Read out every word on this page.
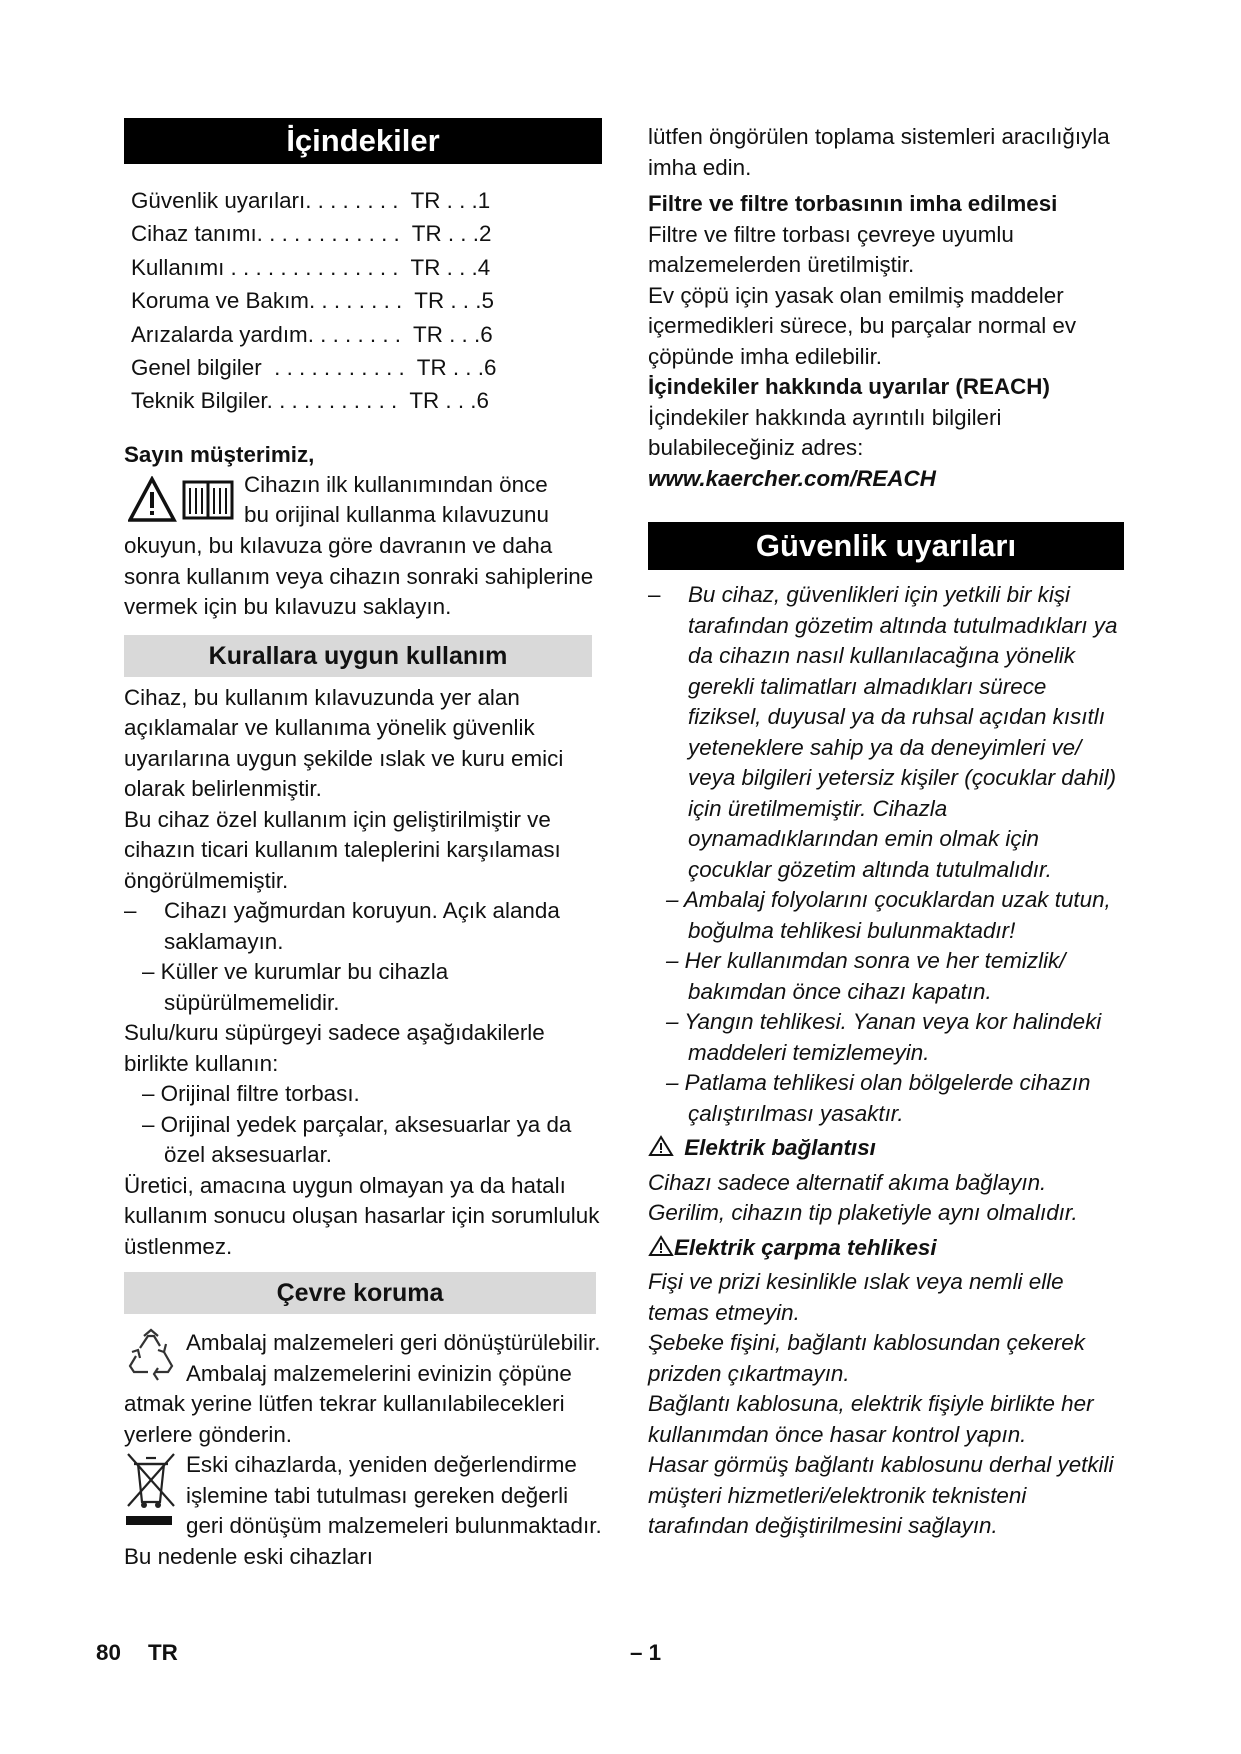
İçindekiler
Güvenlik uyarıları. . . . . . . .  TR . . .1
Cihaz tanımı. . . . . . . . . . . .  TR . . .2
Kullanımı . . . . . . . . . . . . . .  TR . . .4
Koruma ve Bakım. . . . . . . .  TR . . .5
Arızalarda yardım. . . . . . . .  TR . . .6
Genel bilgiler  . . . . . . . . . . .  TR . . .6
Teknik Bilgiler. . . . . . . . . . .  TR . . .6
Sayın müşterimiz,
Cihazın ilk kullanımından önce
bu orijinal kullanma kılavuzunu
okuyun, bu kılavuza göre davranın ve daha sonra kullanım veya cihazın sonraki sahiplerine vermek için bu kılavuzu saklayın.
Kurallara uygun kullanım
Cihaz, bu kullanım kılavuzunda yer alan açıklamalar ve kullanıma yönelik güvenlik uyarılarına uygun şekilde ıslak ve kuru emici olarak belirlenmiştir.
Bu cihaz özel kullanım için geliştirilmiştir ve cihazın ticari kullanım taleplerini karşılaması öngörülmemiştir.
– Cihazı yağmurdan koruyun. Açık alanda saklamayın.
– Küller ve kurumlar bu cihazla süpürülmemelidir.
Sulu/kuru süpürgeyi sadece aşağıdakilerle birlikte kullanın:
– Orijinal filtre torbası.
– Orijinal yedek parçalar, aksesuarlar ya da özel aksesuarlar.
Üretici, amacına uygun olmayan ya da hatalı kullanım sonucu oluşan hasarlar için sorumluluk üstlenmez.
Çevre koruma
Ambalaj malzemeleri geri dönüştürülebilir. Ambalaj malzemelerini evinizin çöpüne atmak yerine lütfen tekrar kullanılabilecekleri yerlere gönderin.
Eski cihazlarda, yeniden değerlendirme işlemine tabi tutulması gereken değerli geri dönüşüm malzemeleri bulunmaktadır. Bu nedenle eski cihazları
lütfen öngörülen toplama sistemleri aracılığıyla imha edin.
Filtre ve filtre torbasının imha edilmesi
Filtre ve filtre torbası çevreye uyumlu malzemelerden üretilmiştir.
Ev çöpü için yasak olan emilmiş maddeler içermedikleri sürece, bu parçalar normal ev çöpünde imha edilebilir.
İçindekiler hakkında uyarılar (REACH)
İçindekiler hakkında ayrıntılı bilgileri bulabileceğiniz adres:
www.kaercher.com/REACH
Güvenlik uyarıları
– Bu cihaz, güvenlikleri için yetkili bir kişi tarafından gözetim altında tutulmadıkları ya da cihazın nasıl kullanılacağına yönelik gerekli talimatları almadıkları sürece fiziksel, duyusal ya da ruhsal açıdan kısıtlı yeteneklere sahip ya da deneyimleri ve/ veya bilgileri yetersiz kişiler (çocuklar dahil) için üretilmemiştir. Cihazla oynamadıklarından emin olmak için çocuklar gözetim altında tutulmalıdır.
– Ambalaj folyolarını çocuklardan uzak tutun, boğulma tehlikesi bulunmaktadır!
– Her kullanımdan sonra ve her temizlik/ bakımdan önce cihazı kapatın.
– Yangın tehlikesi. Yanan veya kor halindeki maddeleri temizlemeyin.
– Patlama tehlikesi olan bölgelerde cihazın çalıştırılması yasaktır.
Elektrik bağlantısı
Cihazı sadece alternatif akıma bağlayın.
Gerilim, cihazın tip plaketiyle aynı olmalıdır.
Elektrik çarpma tehlikesi
Fişi ve prizi kesinlikle ıslak veya nemli elle temas etmeyin.
Şebeke fişini, bağlantı kablosundan çekerek prizden çıkartmayın.
Bağlantı kablosuna, elektrik fişiyle birlikte her kullanımdan önce hasar kontrol yapın.
Hasar görmüş bağlantı kablosunu derhal yetkili müşteri hizmetleri/elektronik teknisteni tarafından değiştirilmesini sağlayın.
80 TR	– 1
